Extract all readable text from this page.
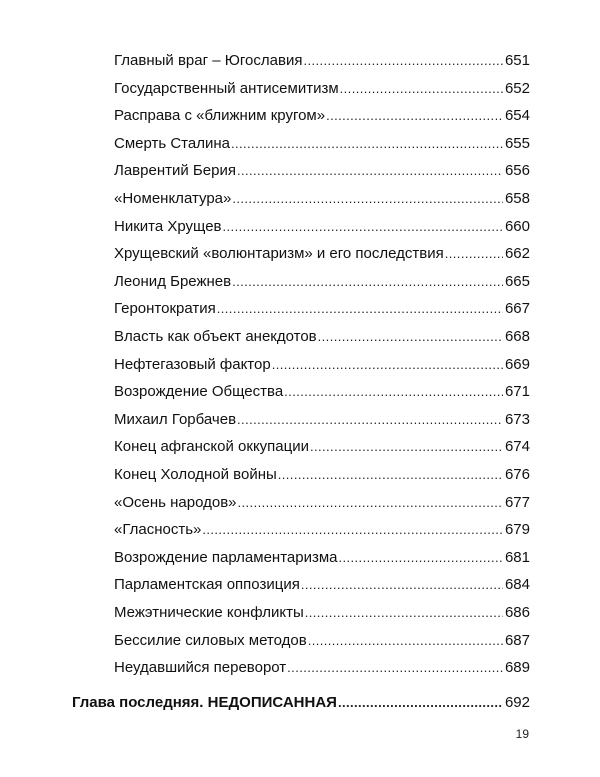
Главный враг – Югославия .....	651
Государственный антисемитизм .....	652
Расправа с «ближним кругом» .....	654
Смерть Сталина .....	655
Лаврентий Берия .....	656
«Номенклатура» .....	658
Никита Хрущев .....	660
Хрущевский «волюнтаризм» и его последствия .....	662
Леонид Брежнев .....	665
Геронтократия .....	667
Власть как объект анекдотов .....	668
Нефтегазовый фактор .....	669
Возрождение Общества .....	671
Михаил Горбачев .....	673
Конец афганской оккупации .....	674
Конец Холодной войны .....	676
«Осень народов» .....	677
«Гласность» .....	679
Возрождение парламентаризма .....	681
Парламентская оппозиция .....	684
Межэтнические конфликты .....	686
Бессилие силовых методов .....	687
Неудавшийся переворот .....	689
Глава последняя. НЕДОПИСАННАЯ .....	692
19
